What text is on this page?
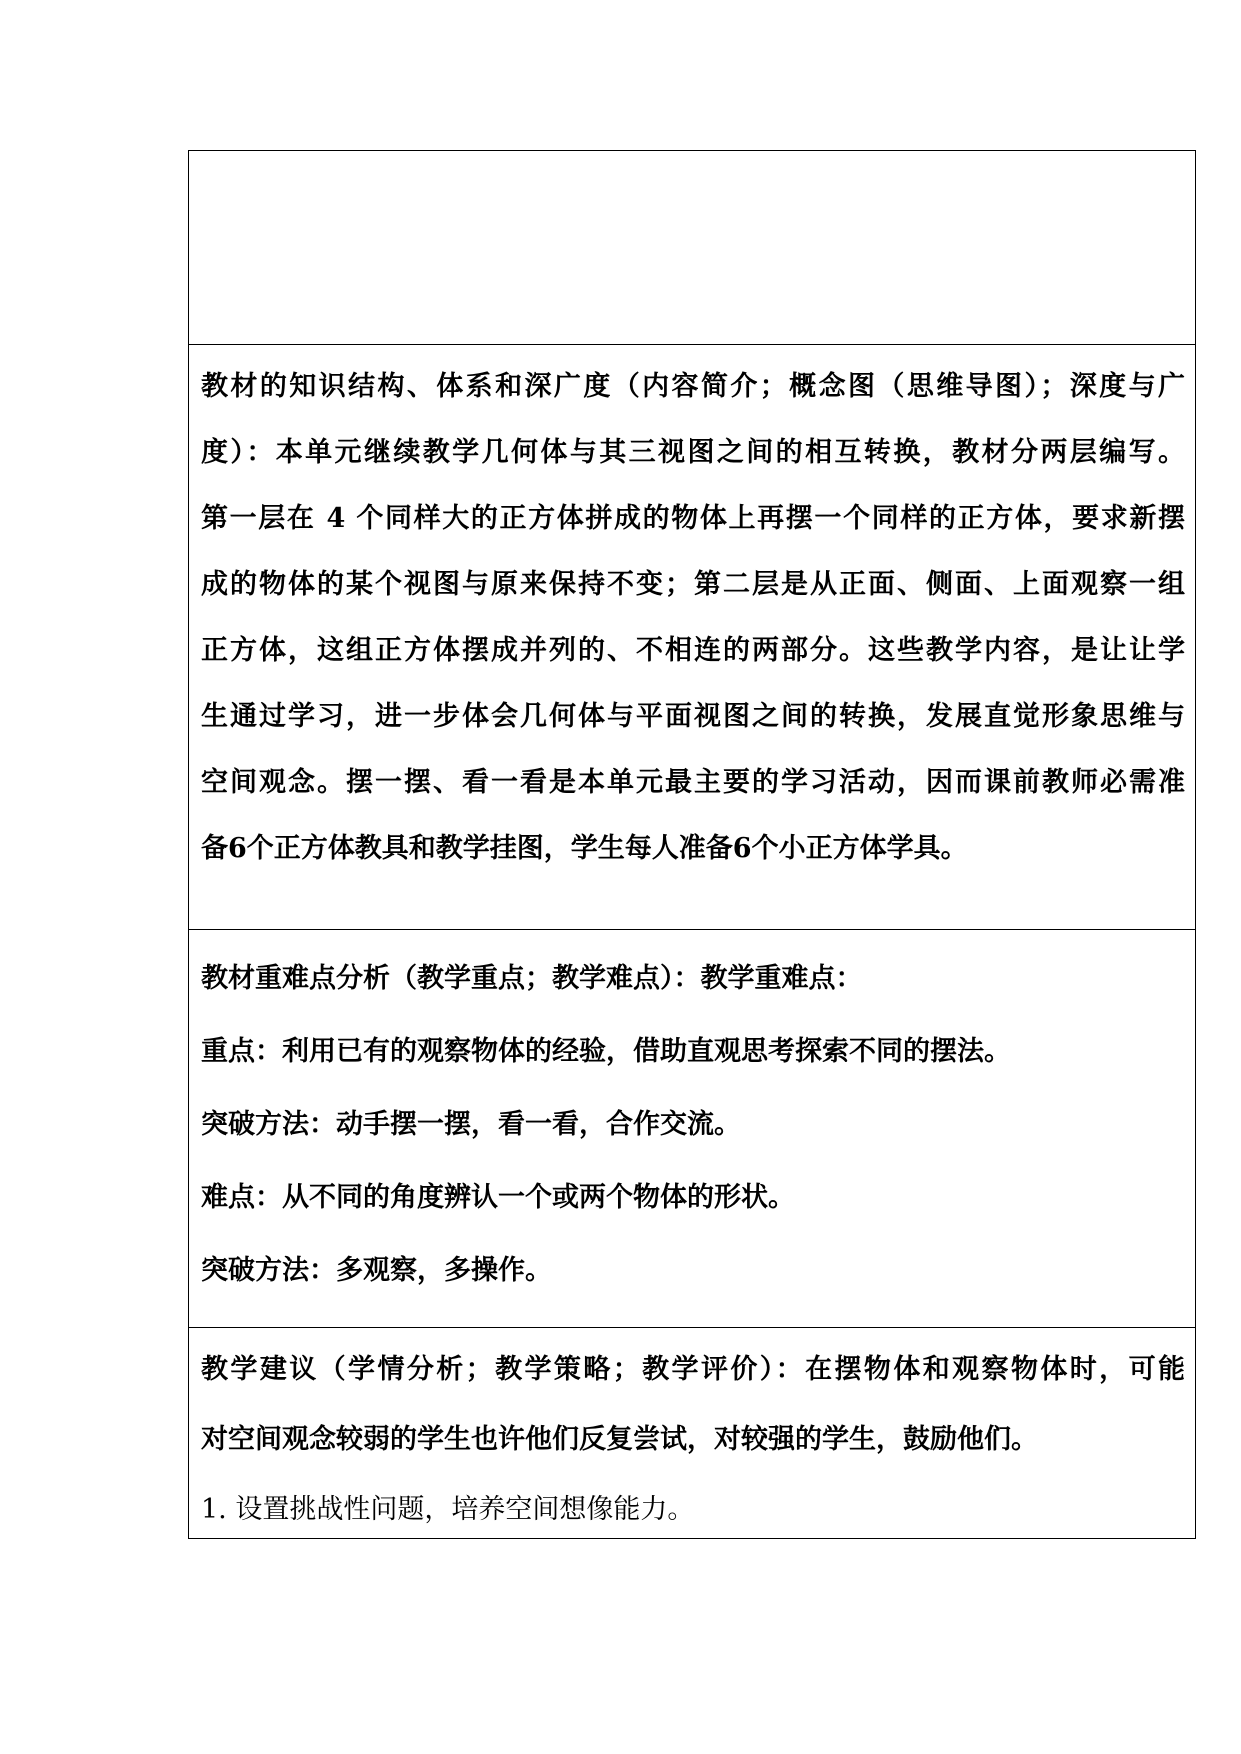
教材的知识结构、体系和深广度（内容简介；概念图（思维导图）；深度与广

度）：本单元继续教学几何体与其三视图之间的相互转换，教材分两层编写。

第一层在 4 个同样大的正方体拼成的物体上再摆一个同样的正方体，要求新摆

成的物体的某个视图与原来保持不变；第二层是从正面、侧面、上面观察一组

正方体，这组正方体摆成并列的、不相连的两部分。这些教学内容，是让让学

生通过学习，进一步体会几何体与平面视图之间的转换，发展直觉形象思维与

空间观念。摆一摆、看一看是本单元最主要的学习活动，因而课前教师必需准

备6个正方体教具和教学挂图，学生每人准备6个小正方体学具。

教材重难点分析（教学重点；教学难点）：教学重难点：

重点：利用已有的观察物体的经验，借助直观思考探索不同的摆法。

突破方法：动手摆一摆，看一看，合作交流。

难点：从不同的角度辨认一个或两个物体的形状。

突破方法：多观察，多操作。

教学建议（学情分析；教学策略；教学评价）：在摆物体和观察物体时，可能

对空间观念较弱的学生也许他们反复尝试，对较强的学生，鼓励他们。

1. 设置挑战性问题，培养空间想像能力。
